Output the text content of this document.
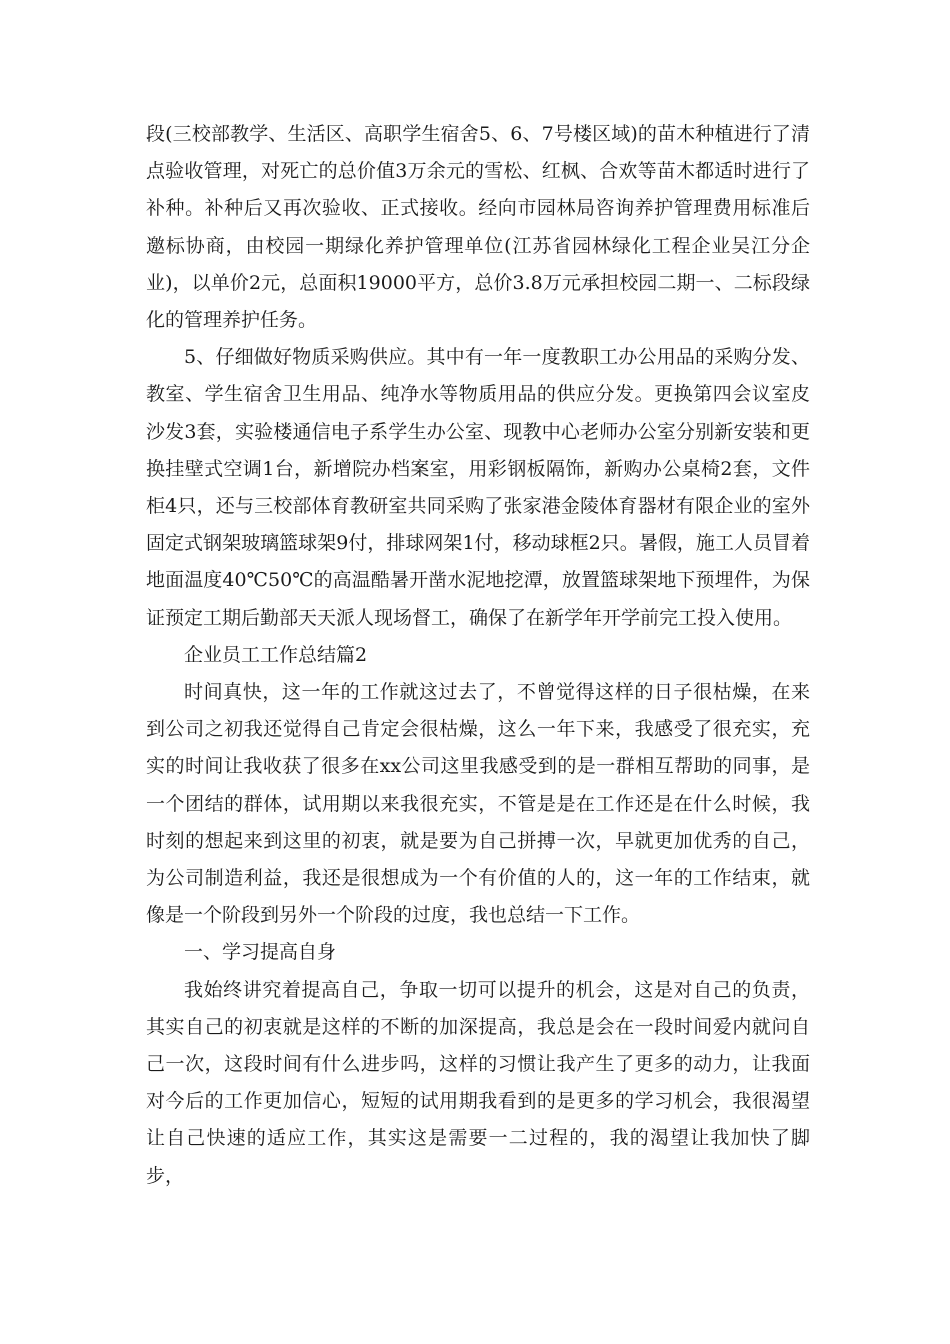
段(三校部教学、生活区、高职学生宿舍5、6、7号楼区域)的苗木种植进行了清点验收管理，对死亡的总价值3万余元的雪松、红枫、合欢等苗木都适时进行了补种。补种后又再次验收、正式接收。经向市园林局咨询养护管理费用标准后邀标协商，由校园一期绿化养护管理单位(江苏省园林绿化工程企业吴江分企业)，以单价2元，总面积19000平方，总价3.8万元承担校园二期一、二标段绿化的管理养护任务。

5、仔细做好物质采购供应。其中有一年一度教职工办公用品的采购分发、教室、学生宿舍卫生用品、纯净水等物质用品的供应分发。更换第四会议室皮沙发3套，实验楼通信电子系学生办公室、现教中心老师办公室分别新安装和更换挂壁式空调1台，新增院办档案室，用彩钢板隔饰，新购办公桌椅2套，文件柜4只，还与三校部体育教研室共同采购了张家港金陵体育器材有限企业的室外固定式钢架玻璃篮球架9付，排球网架1付，移动球框2只。暑假，施工人员冒着地面温度40℃50℃的高温酷暑开凿水泥地挖潭，放置篮球架地下预埋件，为保证预定工期后勤部天天派人现场督工，确保了在新学年开学前完工投入使用。

企业员工工作总结篇2

时间真快，这一年的工作就这过去了，不曾觉得这样的日子很枯燥，在来到公司之初我还觉得自己肯定会很枯燥，这么一年下来，我感受了很充实，充实的时间让我收获了很多在xx公司这里我感受到的是一群相互帮助的同事，是一个团结的群体，试用期以来我很充实，不管是是在工作还是在什么时候，我时刻的想起来到这里的初衷，就是要为自己拼搏一次，早就更加优秀的自己，为公司制造利益，我还是很想成为一个有价值的人的，这一年的工作结束，就像是一个阶段到另外一个阶段的过度，我也总结一下工作。

一、学习提高自身

我始终讲究着提高自己，争取一切可以提升的机会，这是对自己的负责，其实自己的初衷就是这样的不断的加深提高，我总是会在一段时间爱内就问自己一次，这段时间有什么进步吗，这样的习惯让我产生了更多的动力，让我面对今后的工作更加信心，短短的试用期我看到的是更多的学习机会，我很渴望让自己快速的适应工作，其实这是需要一二过程的，我的渴望让我加快了脚步，
